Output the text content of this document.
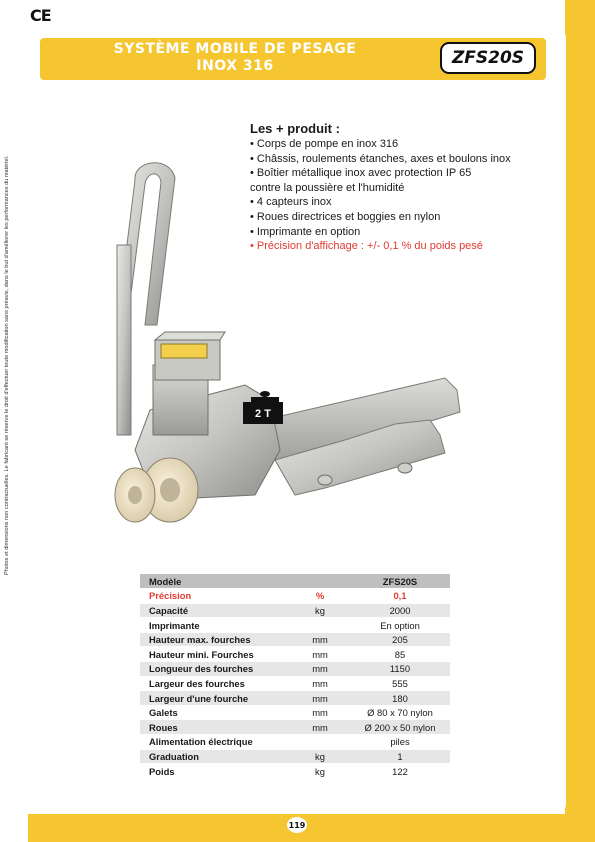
CE
Photos et dimensions non contractuelles. Le fabricant se réserve le droit d'effectuer toute modification sans préavis, dans le but d'améliorer les performances du matériel.
SYSTÈME MOBILE DE PESAGE
INOX 316	ZFS20S
Les + produit :
• Corps de pompe en inox 316
• Châssis, roulements étanches, axes et boulons inox
• Boîtier métallique inox avec protection IP 65
contre la poussière et l'humidité
• 4 capteurs inox
• Roues directrices et boggies en nylon
• Imprimante en option
• Précision d'affichage : +/- 0,1 % du poids pesé
2 T
Modèle		ZFS20S
Précision	%	0,1
Capacité	kg	2000
Imprimante		En option
Hauteur max. fourches	mm	205
Hauteur mini. Fourches	mm	85
Longueur des fourches	mm	1150
Largeur des fourches	mm	555
Largeur d'une fourche	mm	180
Galets	mm	Ø 80 x 70 nylon
Roues	mm	Ø 200 x 50 nylon
Alimentation électrique		piles
Graduation	kg	1
Poids	kg	122
119
